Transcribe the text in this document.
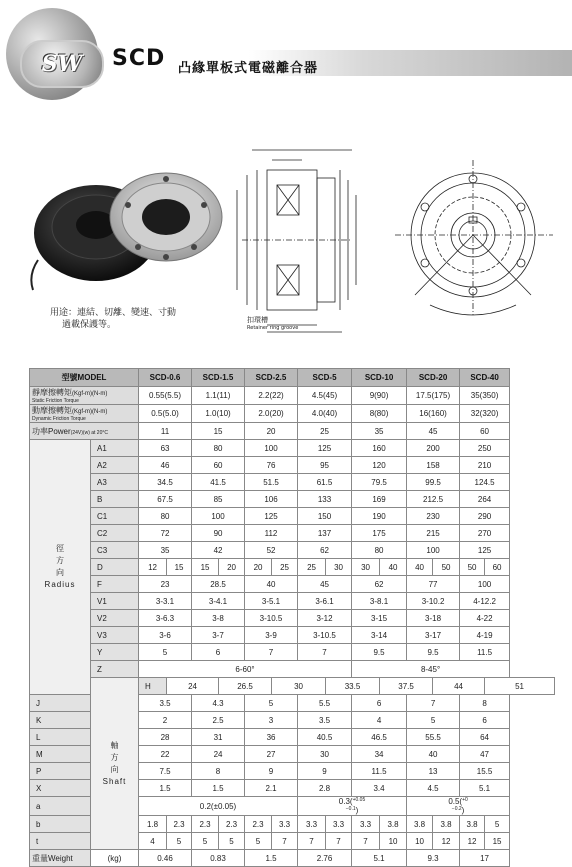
SW	SCD 凸緣單板式電磁離合器
用途：連結、切離、變速、寸動
過載保護等。	扣環槽
Retainer ring groove
型號MODEL		SCD-0.6		SCD-1.5		SCD-2.5		SCD-5		SCD-10		SCD-20		SCD-40	
靜摩擦轉矩(Kgf-m)(N-m)
Static Friction Torque		0.55(5.5)		1.1(11)		2.2(22)		4.5(45)		9(90)		17.5(175)		35(350)	
動摩擦轉矩(Kgf-m)(N-m)
Dynamic Friction Torque		0.5(5.0)		1.0(10)		2.0(20)		4.0(40)		8(80)		16(160)		32(320)	
功率Power(24V)(w) at 20°C		11		15		20		25		35		45		60	

徑
方
向
Radius	A1	63		80		100		125		160		200		250	
	A2	46		60		76		95		120		158		210	
	A3	34.5		41.5		51.5		61.5		79.5		99.5		124.5	
	B	67.5		85		106		133		169		212.5		264	
	C1	80		100		125		150		190		230		290	
	C2	72		90		112		137		175		215		270	
	C3	35		42		52		62		80		100		125	
	D	12	15	15	20	20	25	25	30	30	40	40	50	50	60
	F	23		28.5		40		45		62		77		100	
	V1	3-3.1		3-4.1		3-5.1		3-6.1		3-8.1		3-10.2		4-12.2	
	V2	3-6.3		3-8		3-10.5		3-12		3-15		3-18		4-22	
	V3	3-6		3-7		3-9		3-10.5		3-14		3-17		4-19	
	Y	5		6		7		7		9.5		9.5		11.5	
	Z	6-60°								8-45°					

	軸
方
向
Shaft	H	24		26.5		30		33.5		37.5		44		51
J		3.5		4.3		5		5.5		6		7		8	
K		2		2.5		3		3.5		4		5		6	
L		28		31		36		40.5		46.5		55.5		64	
M		22		24		27		30		34		40		47	
P		7.5		8		9		9		11.5		13		15.5	
X		1.5		1.5		2.1		2.8		3.4		4.5		5.1	
a		0.2(±0.05)						0.3($^{+0.05 -0.1}$)				0.5($^{+0 -0.2}$)			
b		1.8	2.3	2.3	2.3	2.3	3.3	3.3	3.3	3.3	3.8	3.8	3.8	3.8	5
t		4	5	5	5	5	7	7	7	7	10	10	12	12	15
重量Weight	(kg)	0.46		0.83		1.5		2.76		5.1		9.3		17	
